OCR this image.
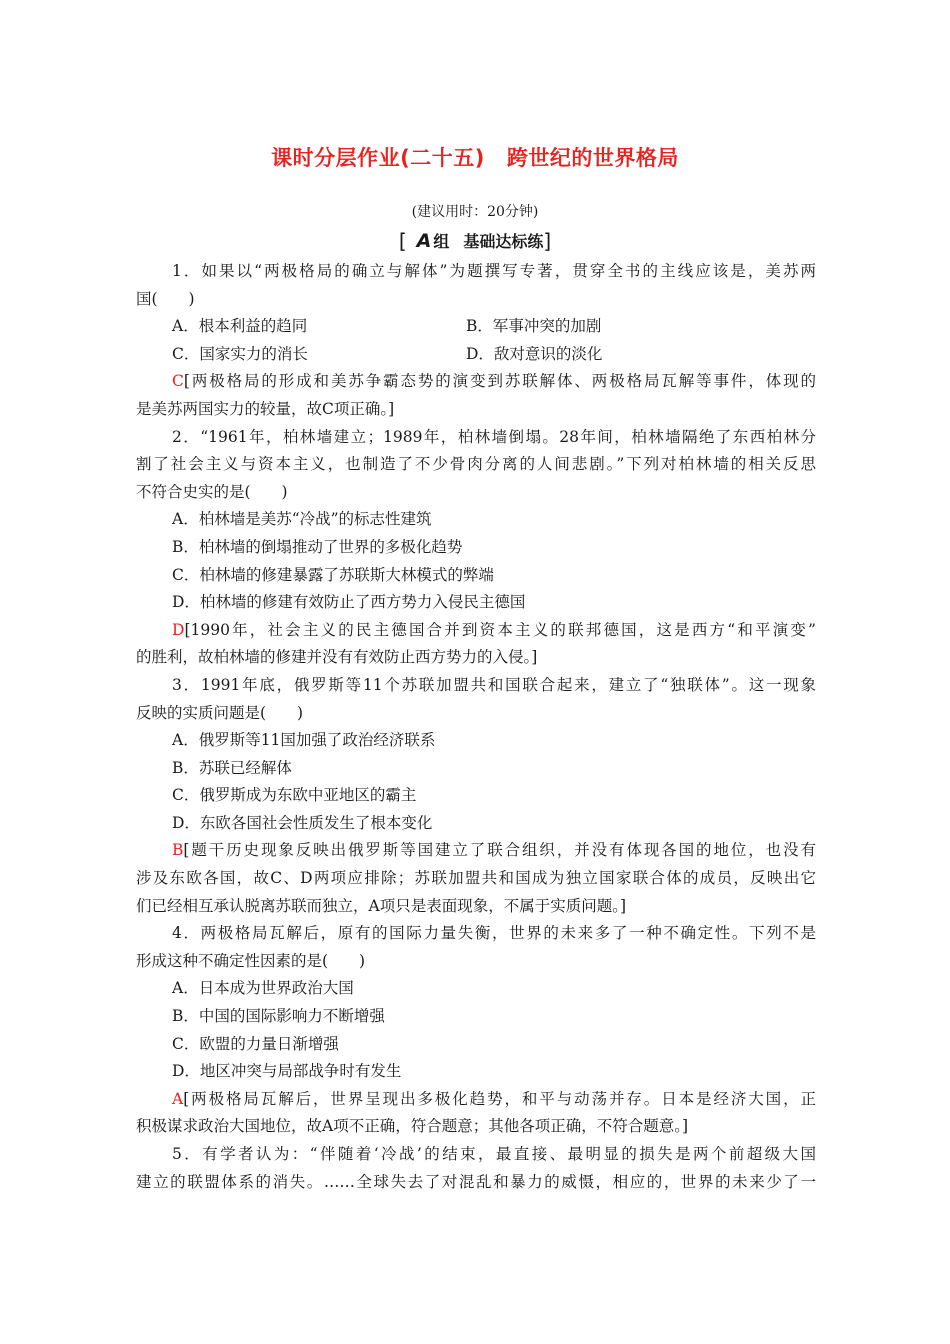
课时分层作业(二十五) 跨世纪的世界格局
(建议用时：20分钟)
[ A 组 基础达标练]
1．如果以“两极格局的确立与解体”为题撰写专著，贯穿全书的主线应该是，美苏两
国(　　)
A．根本利益的趋同	B．军事冲突的加剧
C．国家实力的消长	D．敌对意识的淡化
C[两极格局的形成和美苏争霸态势的演变到苏联解体、两极格局瓦解等事件，体现的
是美苏两国实力的较量，故C项正确。]
2．“1961年，柏林墙建立；1989年，柏林墙倒塌。28年间，柏林墙隔绝了东西柏林分
割了社会主义与资本主义，也制造了不少骨肉分离的人间悲剧。”下列对柏林墙的相关反思
不符合史实的是(　　)
A．柏林墙是美苏“冷战”的标志性建筑
B．柏林墙的倒塌推动了世界的多极化趋势
C．柏林墙的修建暴露了苏联斯大林模式的弊端
D．柏林墙的修建有效防止了西方势力入侵民主德国
D[1990年，社会主义的民主德国合并到资本主义的联邦德国，这是西方“和平演变”
的胜利，故柏林墙的修建并没有有效防止西方势力的入侵。]
3．1991年底，俄罗斯等11个苏联加盟共和国联合起来，建立了“独联体”。这一现象
反映的实质问题是(　　)
A．俄罗斯等11国加强了政治经济联系
B．苏联已经解体
C．俄罗斯成为东欧中亚地区的霸主
D．东欧各国社会性质发生了根本变化
B[题干历史现象反映出俄罗斯等国建立了联合组织，并没有体现各国的地位，也没有
涉及东欧各国，故C、D两项应排除；苏联加盟共和国成为独立国家联合体的成员，反映出它
们已经相互承认脱离苏联而独立，A项只是表面现象，不属于实质问题。]
4．两极格局瓦解后，原有的国际力量失衡，世界的未来多了一种不确定性。下列不是
形成这种不确定性因素的是(　　)
A．日本成为世界政治大国
B．中国的国际影响力不断增强
C．欧盟的力量日渐增强
D．地区冲突与局部战争时有发生
A[两极格局瓦解后，世界呈现出多极化趋势，和平与动荡并存。日本是经济大国，正
积极谋求政治大国地位，故A项不正确，符合题意；其他各项正确，不符合题意。]
5．有学者认为：“伴随着‘冷战’的结束，最直接、最明显的损失是两个前超级大国
建立的联盟体系的消失。……全球失去了对混乱和暴力的威慑，相应的，世界的未来少了一
